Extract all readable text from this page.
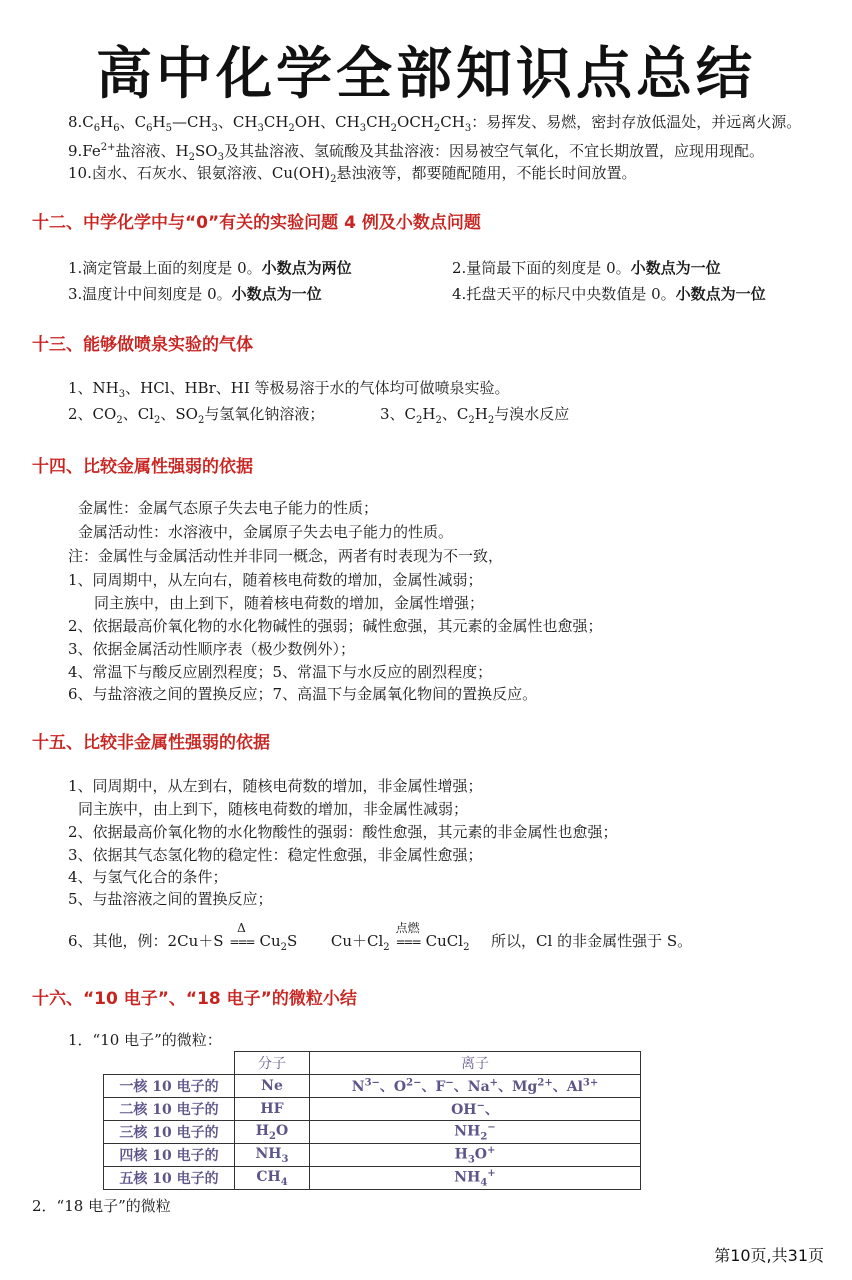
高中化学全部知识点总结
$8.C_6H_6$、$C_6H_5—CH_3$、$CH_3CH_2OH$、$CH_3CH_2OCH_2CH_3$：易挥发、易燃，密封存放低温处，并远离火源。
$9.Fe^{2+}$盐溶液、$H_2SO_3$及其盐溶液、氢硫酸及其盐溶液：因易被空气氧化，不宜长期放置，应现用现配。
10.卤水、石灰水、银氨溶液、$Cu(OH)_2$悬浊液等，都要随配随用，不能长时间放置。
十二、中学化学中与“0”有关的实验问题 4 例及小数点问题
1.滴定管最上面的刻度是 0。小数点为两位	2.量筒最下面的刻度是 0。小数点为一位
3.温度计中间刻度是 0。小数点为一位	4.托盘天平的标尺中央数值是 0。小数点为一位
十三、能够做喷泉实验的气体
1、$NH_3$、HCl、HBr、HI 等极易溶于水的气体均可做喷泉实验。
2、$CO_2$、$Cl_2$、$SO_2$与氢氧化钠溶液；	3、$C_2H_2$、$C_2H_2$与溴水反应
十四、比较金属性强弱的依据
金属性：金属气态原子失去电子能力的性质；
金属活动性：水溶液中，金属原子失去电子能力的性质。
注：金属性与金属活动性并非同一概念，两者有时表现为不一致，
1、同周期中，从左向右，随着核电荷数的增加，金属性减弱；
同主族中，由上到下，随着核电荷数的增加，金属性增强；
2、依据最高价氧化物的水化物碱性的强弱；碱性愈强，其元素的金属性也愈强；
3、依据金属活动性顺序表（极少数例外）；
4、常温下与酸反应剧烈程度；5、常温下与水反应的剧烈程度；
6、与盐溶液之间的置换反应；7、高温下与金属氧化物间的置换反应。
十五、比较非金属性强弱的依据
1、同周期中，从左到右，随核电荷数的增加，非金属性增强；
同主族中，由上到下，随核电荷数的增加，非金属性减弱；
2、依据最高价氧化物的水化物酸性的强弱：酸性愈强，其元素的非金属性也愈强；
3、依据其气态氢化物的稳定性：稳定性愈强，非金属性愈强；
4、与氢气化合的条件；
5、与盐溶液之间的置换反应；
6、其他，例：2Cu＋S
Δ
=== $Cu_2S$ $Cu+Cl_2$
点燃
=== CuCl$_2$ 所以，Cl 的非金属性强于 S。
十六、“10 电子”、“18 电子”的微粒小结
1．“10 电子”的微粒：
	分子	离子
一核 10 电子的	Ne	$N^{3-}$、$O^{2-}$、F−、Na+、$Mg^{2+}$、$Al^{3+}$
二核 10 电子的	HF	OH−、
三核 10 电子的	$H_2O$	$NH_2^-$
四核 10 电子的	$NH_3$	$H_3O^+$
五核 10 电子的	$CH_4$	$NH_4^+$
2．“18 电子”的微粒
第10页,共31页
